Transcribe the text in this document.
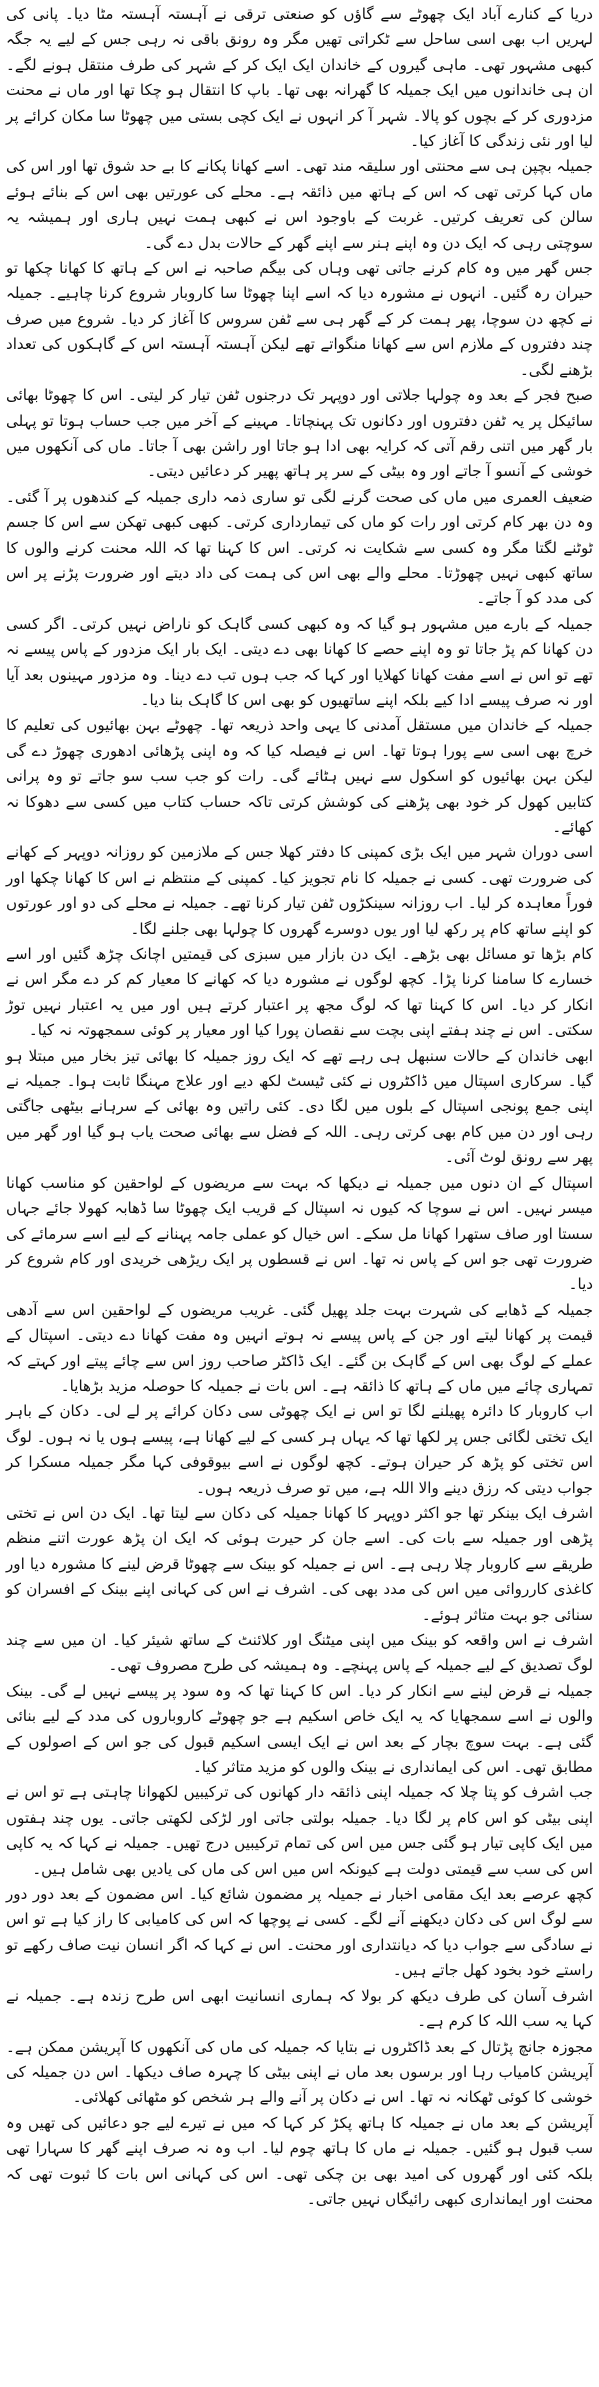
دریا کے کنارے آباد ایک چھوٹے سے گاؤں کو صنعتی ترقی نے آہستہ آہستہ مٹا دیا۔ پانی کی لہریں اب بھی اسی ساحل سے ٹکراتی تھیں مگر وہ رونق باقی نہ رہی جس کے لیے یہ جگہ کبھی مشہور تھی۔ ماہی گیروں کے خاندان ایک ایک کر کے شہر کی طرف منتقل ہونے لگے۔ ان ہی خاندانوں میں ایک جمیلہ کا گھرانہ بھی تھا۔ باپ کا انتقال ہو چکا تھا اور ماں نے محنت مزدوری کر کے بچوں کو پالا۔ شہر آ کر انہوں نے ایک کچی بستی میں چھوٹا سا مکان کرائے پر لیا اور نئی زندگی کا آغاز کیا۔

جمیلہ بچپن ہی سے محنتی اور سلیقہ مند تھی۔ اسے کھانا پکانے کا بے حد شوق تھا اور اس کی ماں کہا کرتی تھی کہ اس کے ہاتھ میں ذائقہ ہے۔ محلے کی عورتیں بھی اس کے بنائے ہوئے سالن کی تعریف کرتیں۔ غربت کے باوجود اس نے کبھی ہمت نہیں ہاری اور ہمیشہ یہ سوچتی رہی کہ ایک دن وہ اپنے ہنر سے اپنے گھر کے حالات بدل دے گی۔

جس گھر میں وہ کام کرنے جاتی تھی وہاں کی بیگم صاحبہ نے اس کے ہاتھ کا کھانا چکھا تو حیران رہ گئیں۔ انہوں نے مشورہ دیا کہ اسے اپنا چھوٹا سا کاروبار شروع کرنا چاہیے۔ جمیلہ نے کچھ دن سوچا، پھر ہمت کر کے گھر ہی سے ٹفن سروس کا آغاز کر دیا۔ شروع میں صرف چند دفتروں کے ملازم اس سے کھانا منگواتے تھے لیکن آہستہ آہستہ اس کے گاہکوں کی تعداد بڑھنے لگی۔

صبح فجر کے بعد وہ چولہا جلاتی اور دوپہر تک درجنوں ٹفن تیار کر لیتی۔ اس کا چھوٹا بھائی سائیکل پر یہ ٹفن دفتروں اور دکانوں تک پہنچاتا۔ مہینے کے آخر میں جب حساب ہوتا تو پہلی بار گھر میں اتنی رقم آتی کہ کرایہ بھی ادا ہو جاتا اور راشن بھی آ جاتا۔ ماں کی آنکھوں میں خوشی کے آنسو آ جاتے اور وہ بیٹی کے سر پر ہاتھ پھیر کر دعائیں دیتی۔

ضعیف العمری میں ماں کی صحت گرنے لگی تو ساری ذمہ داری جمیلہ کے کندھوں پر آ گئی۔ وہ دن بھر کام کرتی اور رات کو ماں کی تیمارداری کرتی۔ کبھی کبھی تھکن سے اس کا جسم ٹوٹنے لگتا مگر وہ کسی سے شکایت نہ کرتی۔ اس کا کہنا تھا کہ اللہ محنت کرنے والوں کا ساتھ کبھی نہیں چھوڑتا۔ محلے والے بھی اس کی ہمت کی داد دیتے اور ضرورت پڑنے پر اس کی مدد کو آ جاتے۔

جمیلہ کے بارے میں مشہور ہو گیا کہ وہ کبھی کسی گاہک کو ناراض نہیں کرتی۔ اگر کسی دن کھانا کم پڑ جاتا تو وہ اپنے حصے کا کھانا بھی دے دیتی۔ ایک بار ایک مزدور کے پاس پیسے نہ تھے تو اس نے اسے مفت کھانا کھلایا اور کہا کہ جب ہوں تب دے دینا۔ وہ مزدور مہینوں بعد آیا اور نہ صرف پیسے ادا کیے بلکہ اپنے ساتھیوں کو بھی اس کا گاہک بنا دیا۔

جمیلہ کے خاندان میں مستقل آمدنی کا یہی واحد ذریعہ تھا۔ چھوٹے بہن بھائیوں کی تعلیم کا خرچ بھی اسی سے پورا ہوتا تھا۔ اس نے فیصلہ کیا کہ وہ اپنی پڑھائی ادھوری چھوڑ دے گی لیکن بہن بھائیوں کو اسکول سے نہیں ہٹائے گی۔ رات کو جب سب سو جاتے تو وہ پرانی کتابیں کھول کر خود بھی پڑھنے کی کوشش کرتی تاکہ حساب کتاب میں کسی سے دھوکا نہ کھائے۔

اسی دوران شہر میں ایک بڑی کمپنی کا دفتر کھلا جس کے ملازمین کو روزانہ دوپہر کے کھانے کی ضرورت تھی۔ کسی نے جمیلہ کا نام تجویز کیا۔ کمپنی کے منتظم نے اس کا کھانا چکھا اور فوراً معاہدہ کر لیا۔ اب روزانہ سینکڑوں ٹفن تیار کرنا تھے۔ جمیلہ نے محلے کی دو اور عورتوں کو اپنے ساتھ کام پر رکھ لیا اور یوں دوسرے گھروں کا چولہا بھی جلنے لگا۔

کام بڑھا تو مسائل بھی بڑھے۔ ایک دن بازار میں سبزی کی قیمتیں اچانک چڑھ گئیں اور اسے خسارے کا سامنا کرنا پڑا۔ کچھ لوگوں نے مشورہ دیا کہ کھانے کا معیار کم کر دے مگر اس نے انکار کر دیا۔ اس کا کہنا تھا کہ لوگ مجھ پر اعتبار کرتے ہیں اور میں یہ اعتبار نہیں توڑ سکتی۔ اس نے چند ہفتے اپنی بچت سے نقصان پورا کیا اور معیار پر کوئی سمجھوتہ نہ کیا۔

ابھی خاندان کے حالات سنبھل ہی رہے تھے کہ ایک روز جمیلہ کا بھائی تیز بخار میں مبتلا ہو گیا۔ سرکاری اسپتال میں ڈاکٹروں نے کئی ٹیسٹ لکھ دیے اور علاج مہنگا ثابت ہوا۔ جمیلہ نے اپنی جمع پونجی اسپتال کے بلوں میں لگا دی۔ کئی راتیں وہ بھائی کے سرہانے بیٹھی جاگتی رہی اور دن میں کام بھی کرتی رہی۔ اللہ کے فضل سے بھائی صحت یاب ہو گیا اور گھر میں پھر سے رونق لوٹ آئی۔

اسپتال کے ان دنوں میں جمیلہ نے دیکھا کہ بہت سے مریضوں کے لواحقین کو مناسب کھانا میسر نہیں۔ اس نے سوچا کہ کیوں نہ اسپتال کے قریب ایک چھوٹا سا ڈھابہ کھولا جائے جہاں سستا اور صاف ستھرا کھانا مل سکے۔ اس خیال کو عملی جامہ پہنانے کے لیے اسے سرمائے کی ضرورت تھی جو اس کے پاس نہ تھا۔ اس نے قسطوں پر ایک ریڑھی خریدی اور کام شروع کر دیا۔

جمیلہ کے ڈھابے کی شہرت بہت جلد پھیل گئی۔ غریب مریضوں کے لواحقین اس سے آدھی قیمت پر کھانا لیتے اور جن کے پاس پیسے نہ ہوتے انہیں وہ مفت کھانا دے دیتی۔ اسپتال کے عملے کے لوگ بھی اس کے گاہک بن گئے۔ ایک ڈاکٹر صاحب روز اس سے چائے پیتے اور کہتے کہ تمہاری چائے میں ماں کے ہاتھ کا ذائقہ ہے۔ اس بات نے جمیلہ کا حوصلہ مزید بڑھایا۔

اب کاروبار کا دائرہ پھیلنے لگا تو اس نے ایک چھوٹی سی دکان کرائے پر لے لی۔ دکان کے باہر ایک تختی لگائی جس پر لکھا تھا کہ یہاں ہر کسی کے لیے کھانا ہے، پیسے ہوں یا نہ ہوں۔ لوگ اس تختی کو پڑھ کر حیران ہوتے۔ کچھ لوگوں نے اسے بیوقوفی کہا مگر جمیلہ مسکرا کر جواب دیتی کہ رزق دینے والا اللہ ہے، میں تو صرف ذریعہ ہوں۔

اشرف ایک بینکر تھا جو اکثر دوپہر کا کھانا جمیلہ کی دکان سے لیتا تھا۔ ایک دن اس نے تختی پڑھی اور جمیلہ سے بات کی۔ اسے جان کر حیرت ہوئی کہ ایک ان پڑھ عورت اتنے منظم طریقے سے کاروبار چلا رہی ہے۔ اس نے جمیلہ کو بینک سے چھوٹا قرض لینے کا مشورہ دیا اور کاغذی کارروائی میں اس کی مدد بھی کی۔ اشرف نے اس کی کہانی اپنے بینک کے افسران کو سنائی جو بہت متاثر ہوئے۔

اشرف نے اس واقعہ کو بینک میں اپنی میٹنگ اور کلائنٹ کے ساتھ شیئر کیا۔ ان میں سے چند لوگ تصدیق کے لیے جمیلہ کے پاس پہنچے۔ وہ ہمیشہ کی طرح مصروف تھی۔

جمیلہ نے قرض لینے سے انکار کر دیا۔ اس کا کہنا تھا کہ وہ سود پر پیسے نہیں لے گی۔ بینک والوں نے اسے سمجھایا کہ یہ ایک خاص اسکیم ہے جو چھوٹے کاروباروں کی مدد کے لیے بنائی گئی ہے۔ بہت سوچ بچار کے بعد اس نے ایک ایسی اسکیم قبول کی جو اس کے اصولوں کے مطابق تھی۔ اس کی ایمانداری نے بینک والوں کو مزید متاثر کیا۔

جب اشرف کو پتا چلا کہ جمیلہ اپنی ذائقہ دار کھانوں کی ترکیبیں لکھوانا چاہتی ہے تو اس نے اپنی بیٹی کو اس کام پر لگا دیا۔ جمیلہ بولتی جاتی اور لڑکی لکھتی جاتی۔ یوں چند ہفتوں میں ایک کاپی تیار ہو گئی جس میں اس کی تمام ترکیبیں درج تھیں۔ جمیلہ نے کہا کہ یہ کاپی اس کی سب سے قیمتی دولت ہے کیونکہ اس میں اس کی ماں کی یادیں بھی شامل ہیں۔

کچھ عرصے بعد ایک مقامی اخبار نے جمیلہ پر مضمون شائع کیا۔ اس مضمون کے بعد دور دور سے لوگ اس کی دکان دیکھنے آنے لگے۔ کسی نے پوچھا کہ اس کی کامیابی کا راز کیا ہے تو اس نے سادگی سے جواب دیا کہ دیانتداری اور محنت۔ اس نے کہا کہ اگر انسان نیت صاف رکھے تو راستے خود بخود کھل جاتے ہیں۔

اشرف آسان کی طرف دیکھ کر بولا کہ ہماری انسانیت ابھی اس طرح زندہ ہے۔ جمیلہ نے کہا یہ سب اللہ کا کرم ہے۔

مجوزہ جانچ پڑتال کے بعد ڈاکٹروں نے بتایا کہ جمیلہ کی ماں کی آنکھوں کا آپریشن ممکن ہے۔ آپریشن کامیاب رہا اور برسوں بعد ماں نے اپنی بیٹی کا چہرہ صاف دیکھا۔ اس دن جمیلہ کی خوشی کا کوئی ٹھکانہ نہ تھا۔ اس نے دکان پر آنے والے ہر شخص کو مٹھائی کھلائی۔

آپریشن کے بعد ماں نے جمیلہ کا ہاتھ پکڑ کر کہا کہ میں نے تیرے لیے جو دعائیں کی تھیں وہ سب قبول ہو گئیں۔ جمیلہ نے ماں کا ہاتھ چوم لیا۔ اب وہ نہ صرف اپنے گھر کا سہارا تھی بلکہ کئی اور گھروں کی امید بھی بن چکی تھی۔ اس کی کہانی اس بات کا ثبوت تھی کہ محنت اور ایمانداری کبھی رائیگاں نہیں جاتی۔
